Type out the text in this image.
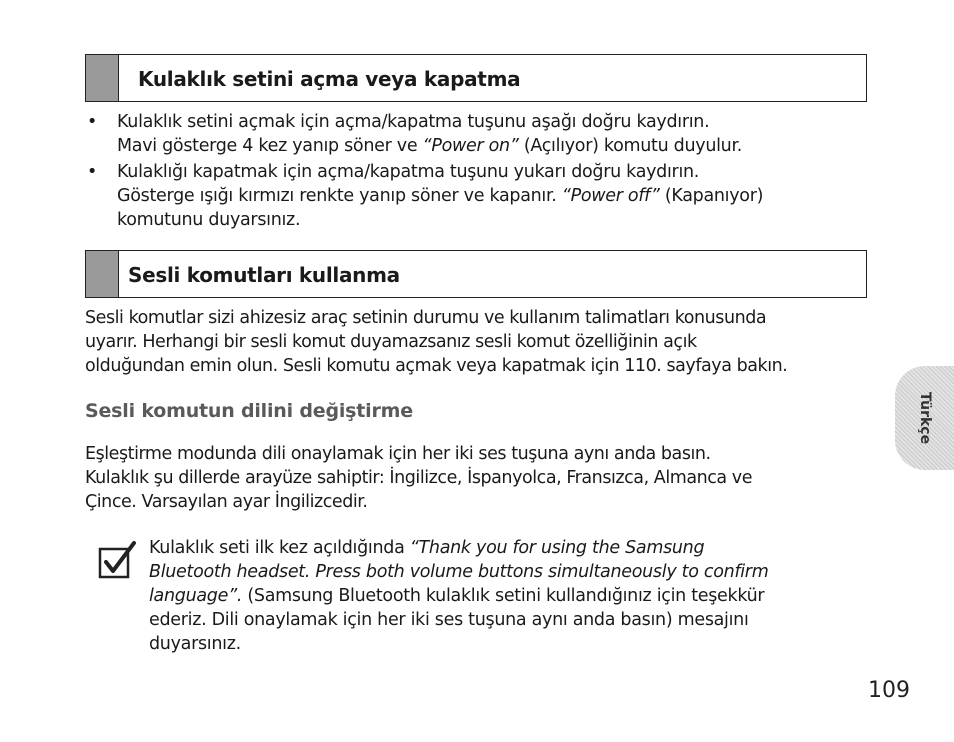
Kulaklık setini açma veya kapatma
• Kulaklık setini açmak için açma/kapatma tuşunu aşağı doğru kaydırın.
Mavi gösterge 4 kez yanıp söner ve “Power on” (Açılıyor) komutu duyulur.
• Kulaklığı kapatmak için açma/kapatma tuşunu yukarı doğru kaydırın.
Gösterge ışığı kırmızı renkte yanıp söner ve kapanır. “Power off” (Kapanıyor)
komutunu duyarsınız.
Sesli komutları kullanma
Sesli komutlar sizi ahizesiz araç setinin durumu ve kullanım talimatları konusunda
uyarır. Herhangi bir sesli komut duyamazsanız sesli komut özelliğinin açık
olduğundan emin olun. Sesli komutu açmak veya kapatmak için 110. sayfaya bakın.
Sesli komutun dilini değiştirme
Eşleştirme modunda dili onaylamak için her iki ses tuşuna aynı anda basın.
Kulaklık şu dillerde arayüze sahiptir: İngilizce, İspanyolca, Fransızca, Almanca ve
Çince. Varsayılan ayar İngilizcedir.
Kulaklık seti ilk kez açıldığında “Thank you for using the Samsung
Bluetooth headset. Press both volume buttons simultaneously to confirm
language”. (Samsung Bluetooth kulaklık setini kullandığınız için teşekkür
ederiz. Dili onaylamak için her iki ses tuşuna aynı anda basın) mesajını
duyarsınız.
Türkçe
109
